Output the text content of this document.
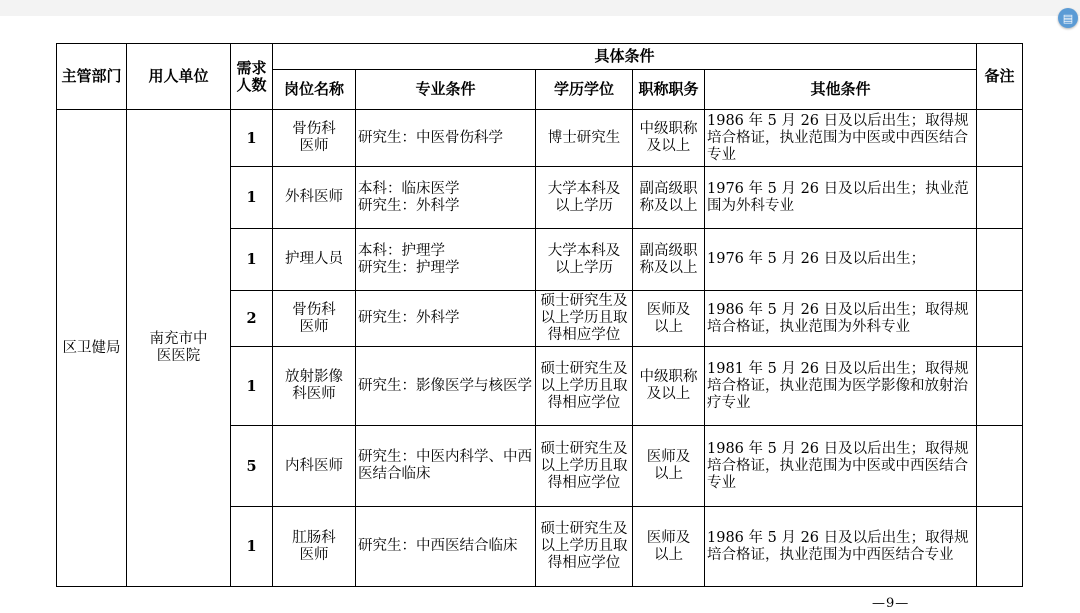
▤
主管部门	用人单位	需求人数	具体条件					备注
			岗位名称	专业条件	学历学位	职称职务	其他条件	
区卫健局	南充市中医医院	1	骨伤科医师	研究生：中医骨伤科学	博士研究生	中级职称及以上	1986 年 5 月 26 日及以后出生；取得规培合格证，执业范围为中医或中西医结合专业	
		1	外科医师	本科：临床医学
研究生：外科学	大学本科及以上学历	副高级职称及以上	1976 年 5 月 26 日及以后出生；执业范围为外科专业	
		1	护理人员	本科：护理学
研究生：护理学	大学本科及以上学历	副高级职称及以上	1976 年 5 月 26 日及以后出生；	
		2	骨伤科医师	研究生：外科学	硕士研究生及以上学历且取得相应学位	医师及以上	1986 年 5 月 26 日及以后出生；取得规培合格证，执业范围为外科专业	
		1	放射影像科医师	研究生：影像医学与核医学	硕士研究生及以上学历且取得相应学位	中级职称及以上	1981 年 5 月 26 日及以后出生；取得规培合格证，执业范围为医学影像和放射治疗专业	
		5	内科医师	研究生：中医内科学、中西医结合临床	硕士研究生及以上学历且取得相应学位	医师及以上	1986 年 5 月 26 日及以后出生；取得规培合格证，执业范围为中医或中西医结合专业	
		1	肛肠科医师	研究生：中西医结合临床	硕士研究生及以上学历且取得相应学位	医师及以上	1986 年 5 月 26 日及以后出生；取得规培合格证，执业范围为中西医结合专业	
—9—
